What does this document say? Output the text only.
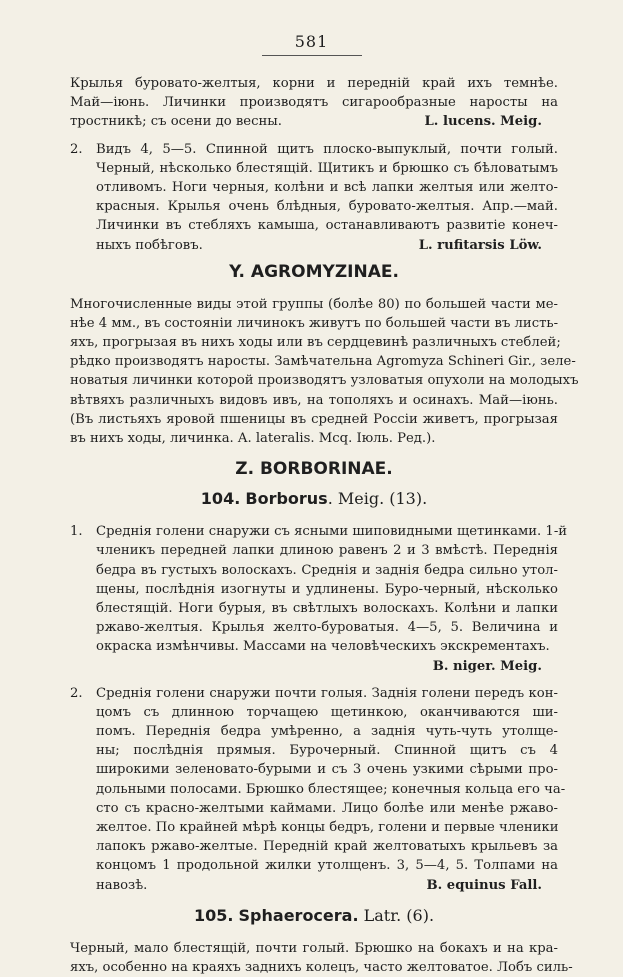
581
Крылья буровато-желтыя, корни и передній край ихъ темнѣе.
Май—іюнь. Личинки производятъ сигарообразные наросты на
тростникѣ; съ осени до весны.	L. lucens. Meig.
2. Видъ 4, 5—5. Спинной щитъ плоско-выпуклый, почти голый.
Черный, нѣсколько блестящій. Щитикъ и брюшко съ бѣловатымъ
отливомъ. Ноги черныя, колѣни и всѣ лапки желтыя или желто-
красныя. Крылья очень блѣдныя, буровато-желтыя. Апр.—май.
Личинки въ стебляхъ камыша, останавливаютъ развитіе конеч-
ныхъ побѣговъ.	L. rufitarsis Löw.
Y. AGROMYZINAE.
Многочисленные виды этой группы (болѣе 80) по большей части ме-
нѣе 4 мм., въ состояніи личинокъ живутъ по большей части въ листь-
яхъ, прогрызая въ нихъ ходы или въ сердцевинѣ различныхъ стеблей;
рѣдко производятъ наросты. Замѣчательна Agromyza Schineri Gir., зеле-
новатыя личинки которой производятъ узловатыя опухоли на молодыхъ
вѣтвяхъ различныхъ видовъ ивъ, на тополяхъ и осинахъ. Май—іюнь.
(Въ листьяхъ яровой пшеницы въ средней Россіи живетъ, прогрызая
въ нихъ ходы, личинка. A. lateralis. Mcq. Іюль. Ред.).
Z. BORBORINAE.
104. Borborus. Meig. (13).
1. Среднія голени снаружи съ ясными шиповидными щетинками. 1-й
членикъ передней лапки длиною равенъ 2 и 3 вмѣстѣ. Переднія
бедра въ густыхъ волоскахъ. Среднія и заднія бедра сильно утол-
щены, послѣднія изогнуты и удлинены. Буро-черный, нѣсколько
блестящій. Ноги бурыя, въ свѣтлыхъ волоскахъ. Колѣни и лапки
ржаво-желтыя. Крылья желто-буроватыя. 4—5, 5. Величина и
окраска измѣнчивы. Массами на человѣческихъ экскрементахъ.
B. niger. Meig.
2. Среднія голени снаружи почти голыя. Заднія голени передъ кон-
цомъ съ длинною торчащею щетинкою, оканчиваются ши-
помъ. Переднія бедра умѣренно, а заднія чуть-чуть утолще-
ны; послѣднія прямыя. Бурочерный. Спинной щитъ съ 4
широкими зеленовато-бурыми и съ 3 очень узкими сѣрыми про-
дольными полосами. Брюшко блестящее; конечныя кольца его ча-
сто съ красно-желтыми каймами. Лицо болѣе или менѣе ржаво-
желтое. По крайней мѣрѣ концы бедръ, голени и первые членики
лапокъ ржаво-желтые. Передній край желтоватыхъ крыльевъ за
концомъ 1 продольной жилки утолщенъ. 3, 5—4, 5. Толпами на
навозѣ.	B. equinus Fall.
105. Sphaerocera. Latr. (6).
Черный, мало блестящій, почти голый. Брюшко на бокахъ и на кра-
яхъ, особенно на краяхъ заднихъ колецъ, часто желтоватое. Лобъ силь-
